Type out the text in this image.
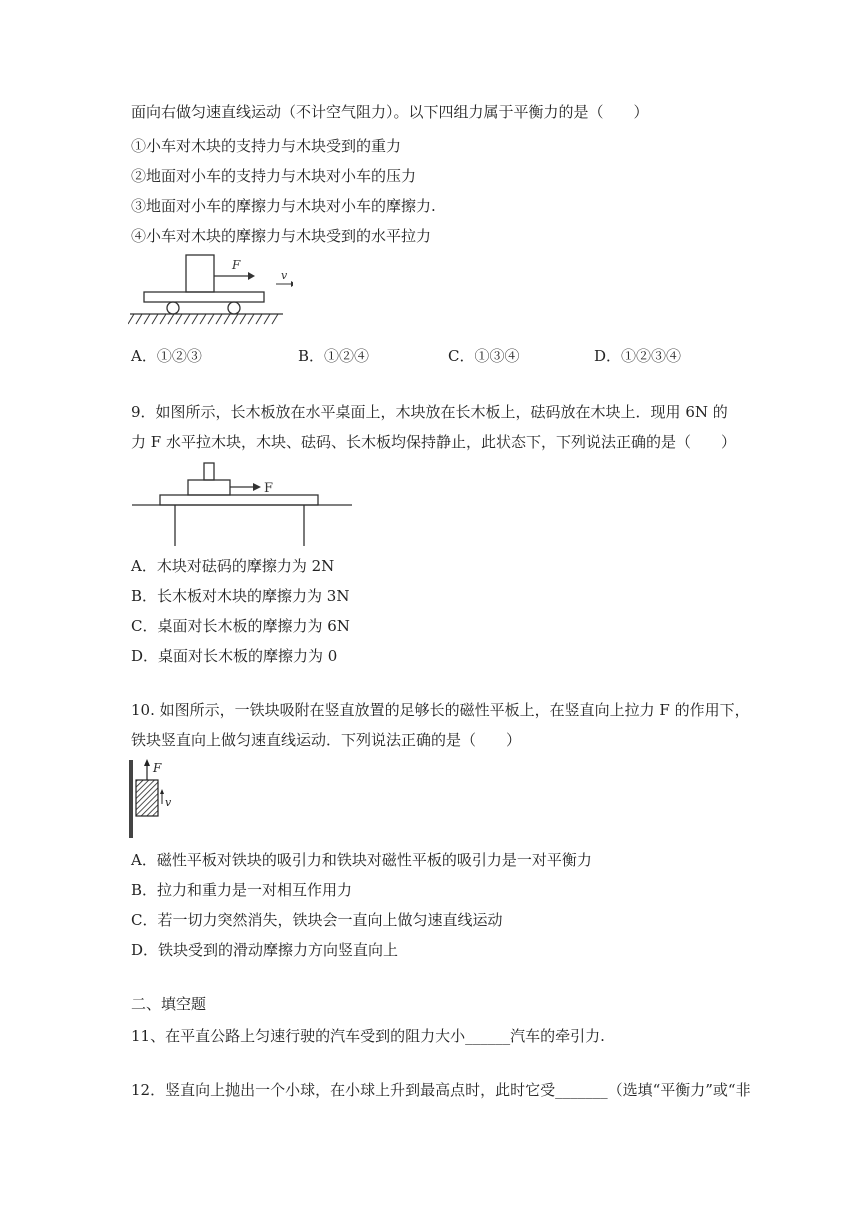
面向右做匀速直线运动（不计空气阻力）。以下四组力属于平衡力的是（　　）
①小车对木块的支持力与木块受到的重力
②地面对小车的支持力与木块对小车的压力
③地面对小车的摩擦力与木块对小车的摩擦力.
④小车对木块的摩擦力与木块受到的水平拉力
F
v
A．①②③	B．①②④	C．①③④	D．①②③④
9．如图所示，长木板放在水平桌面上，木块放在长木板上，砝码放在木块上．现用 6N 的
力 F 水平拉木块，木块、砝码、长木板均保持静止，此状态下，下列说法正确的是（　　）
F
A．木块对砝码的摩擦力为 2N
B．长木板对木块的摩擦力为 3N
C．桌面对长木板的摩擦力为 6N
D．桌面对长木板的摩擦力为 0
10. 如图所示，一铁块吸附在竖直放置的足够长的磁性平板上，在竖直向上拉力 F 的作用下，
铁块竖直向上做匀速直线运动．下列说法正确的是（　　）
F
v
A．磁性平板对铁块的吸引力和铁块对磁性平板的吸引力是一对平衡力
B．拉力和重力是一对相互作用力
C．若一切力突然消失，铁块会一直向上做匀速直线运动
D．铁块受到的滑动摩擦力方向竖直向上
二、填空题
11、在平直公路上匀速行驶的汽车受到的阻力大小______汽车的牵引力.
12．竖直向上抛出一个小球，在小球上升到最高点时，此时它受_______（选填“平衡力”或“非
